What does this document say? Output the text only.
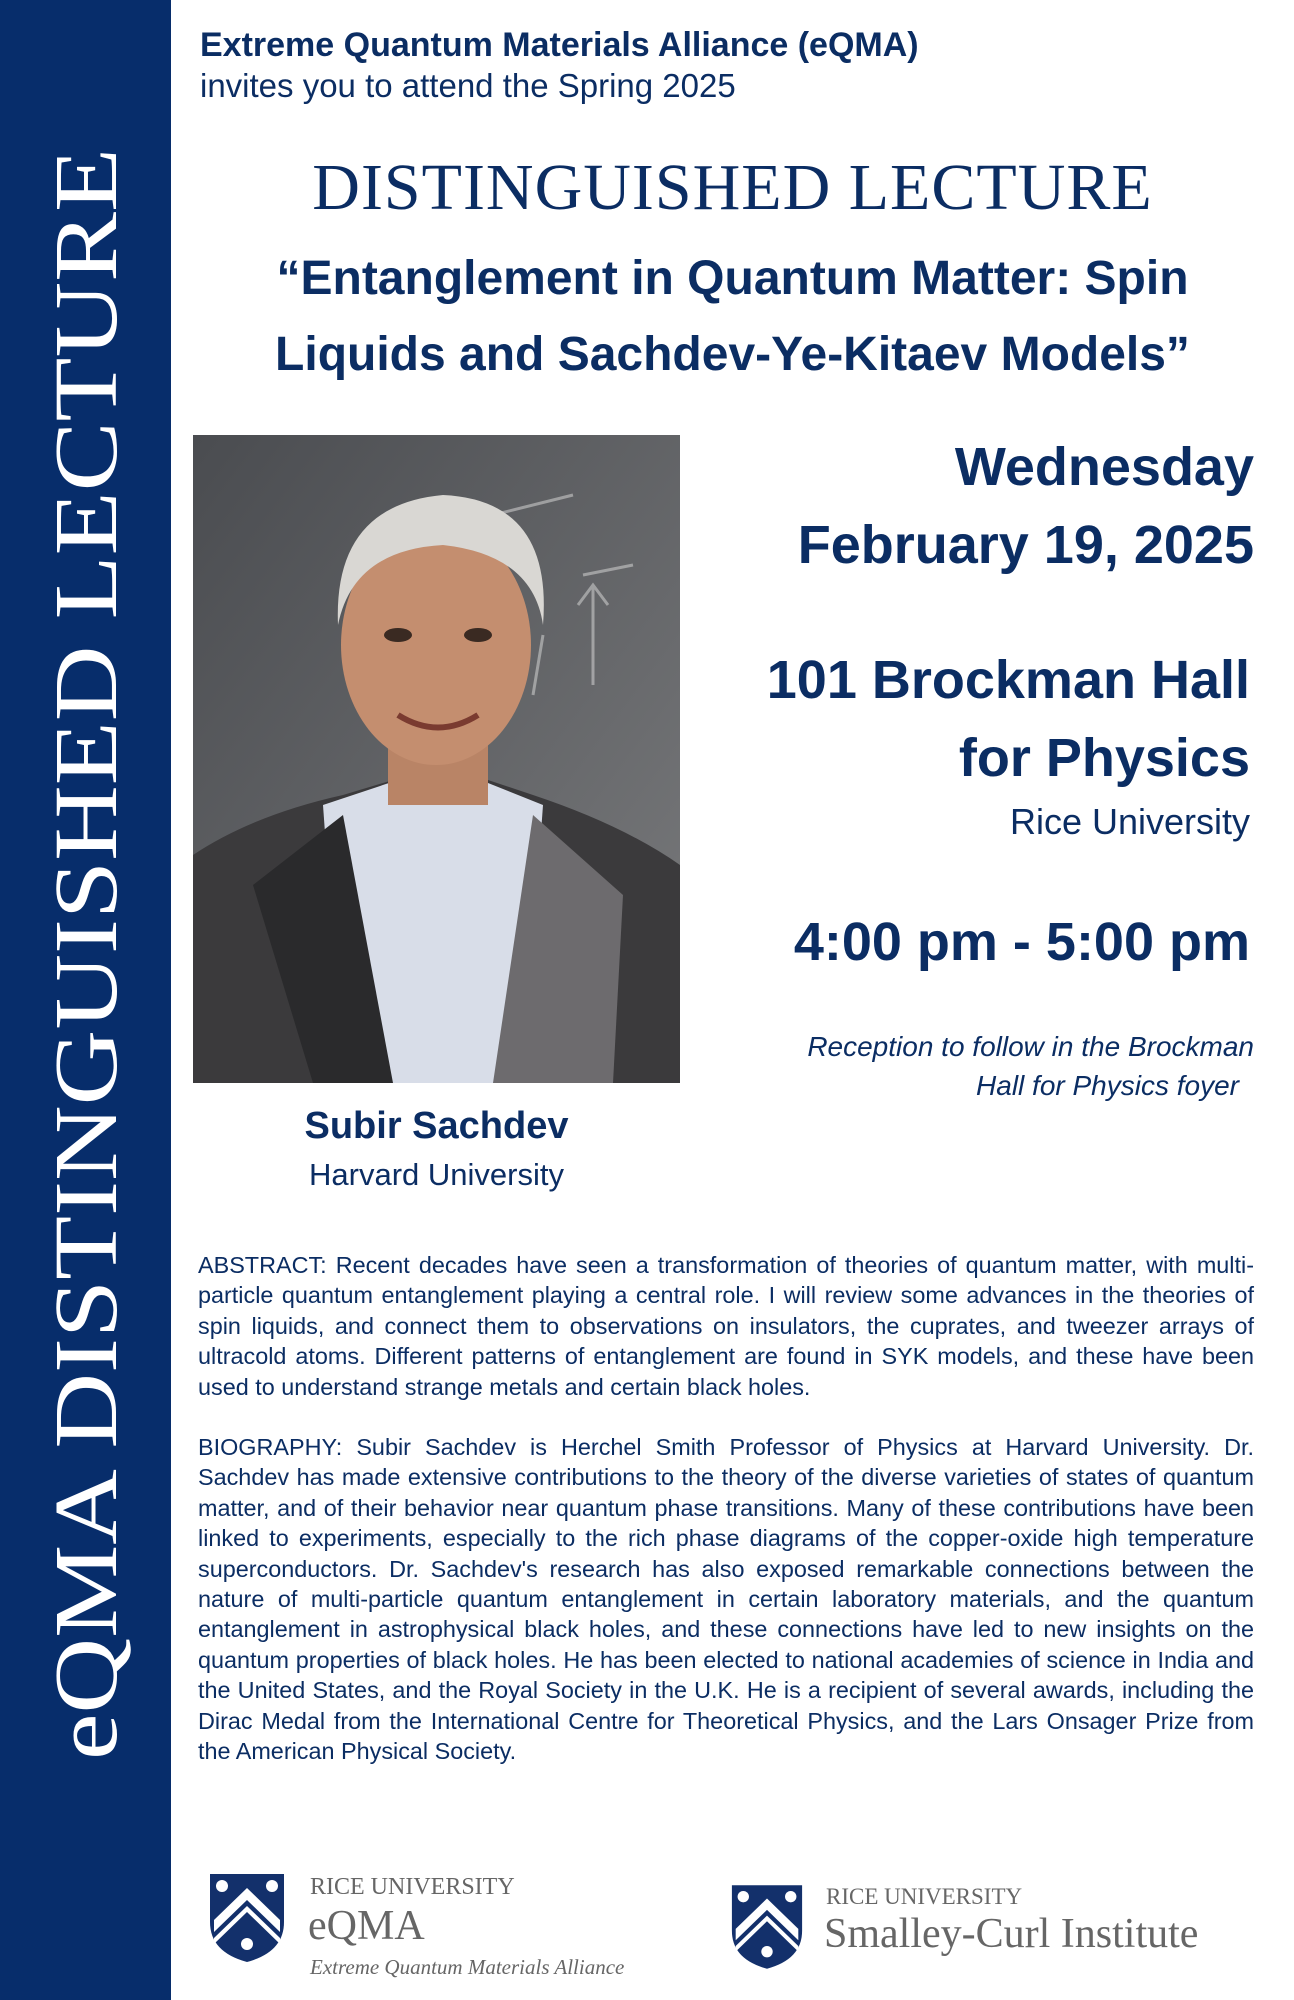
eQMA DISTINGUISHED LECTURE
Extreme Quantum Materials Alliance (eQMA)
invites you to attend the Spring 2025
DISTINGUISHED LECTURE
“Entanglement in Quantum Matter: Spin
Liquids and Sachdev-Ye-Kitaev Models”
Wednesday
February 19, 2025
101 Brockman Hall
for Physics
Rice University
4:00 pm - 5:00 pm
Reception to follow in the Brockman
Hall for Physics foyer
Subir Sachdev
Harvard University

ABSTRACT: Recent decades have seen a transformation of theories of quantum matter, with multi-particle quantum entanglement playing a central role. I will review some advances in the theories of spin liquids, and connect them to observations on insulators, the cuprates, and tweezer arrays of ultracold atoms. Different patterns of entanglement are found in SYK models, and these have been used to understand strange metals and certain black holes.

BIOGRAPHY: Subir Sachdev is Herchel Smith Professor of Physics at Harvard University. Dr. Sachdev has made extensive contributions to the theory of the diverse varieties of states of quantum matter, and of their behavior near quantum phase transitions. Many of these contributions have been linked to experiments, especially to the rich phase diagrams of the copper-oxide high temperature superconductors. Dr. Sachdev's research has also exposed remarkable connections between the nature of multi-particle quantum entanglement in certain laboratory materials, and the quantum entanglement in astrophysical black holes, and these connections have led to new insights on the quantum properties of black holes. He has been elected to national academies of science in India and the United States, and the Royal Society in the U.K. He is a recipient of several awards, including the Dirac Medal from the International Centre for Theoretical Physics, and the Lars Onsager Prize from the American Physical Society.

RICE UNIVERSITY
eQMA
Extreme Quantum Materials Alliance
RICE UNIVERSITY
Smalley-Curl Institute
